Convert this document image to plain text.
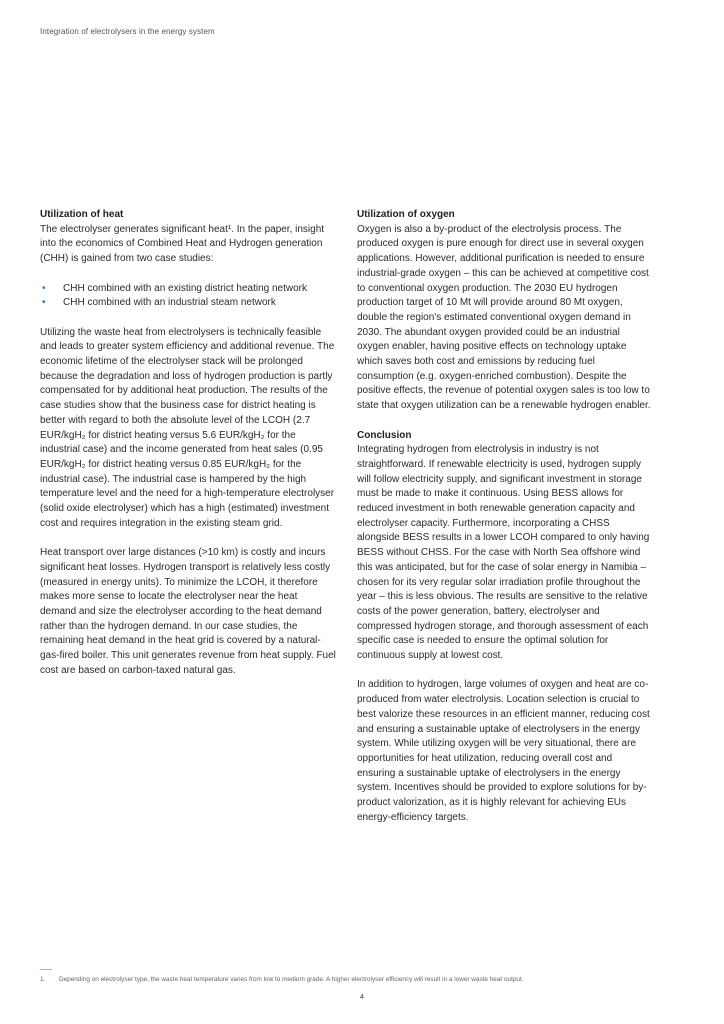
Integration of electrolysers in the energy system

Utilization of heat

The electrolyser generates significant heat¹. In the paper, insight into the economics of Combined Heat and Hydrogen generation (CHH) is gained from two case studies:

• CHH combined with an existing district heating network
• CHH combined with an industrial steam network

Utilizing the waste heat from electrolysers is technically feasible and leads to greater system efficiency and additional revenue. The economic lifetime of the electrolyser stack will be prolonged because the degradation and loss of hydrogen production is partly compensated for by additional heat production. The results of the case studies show that the business case for district heating is better with regard to both the absolute level of the LCOH (2.7 EUR/kgH₂ for district heating versus 5.6 EUR/kgH₂ for the industrial case) and the income generated from heat sales (0.95 EUR/kgH₂ for district heating versus 0.85 EUR/kgH₂ for the industrial case). The industrial case is hampered by the high temperature level and the need for a high-temperature electrolyser (solid oxide electrolyser) which has a high (estimated) investment cost and requires integration in the existing steam grid.

Heat transport over large distances (>10 km) is costly and incurs significant heat losses. Hydrogen transport is relatively less costly (measured in energy units). To minimize the LCOH, it therefore makes more sense to locate the electrolyser near the heat demand and size the electrolyser according to the heat demand rather than the hydrogen demand. In our case studies, the remaining heat demand in the heat grid is covered by a natural-gas-fired boiler. This unit generates revenue from heat supply. Fuel cost are based on carbon-taxed natural gas.

Utilization of oxygen

Oxygen is also a by-product of the electrolysis process. The produced oxygen is pure enough for direct use in several oxygen applications. However, additional purification is needed to ensure industrial-grade oxygen – this can be achieved at competitive cost to conventional oxygen production. The 2030 EU hydrogen production target of 10 Mt will provide around 80 Mt oxygen, double the region's estimated conventional oxygen demand in 2030. The abundant oxygen provided could be an industrial oxygen enabler, having positive effects on technology uptake which saves both cost and emissions by reducing fuel consumption (e.g. oxygen-enriched combustion). Despite the positive effects, the revenue of potential oxygen sales is too low to state that oxygen utilization can be a renewable hydrogen enabler.

Conclusion

Integrating hydrogen from electrolysis in industry is not straightforward. If renewable electricity is used, hydrogen supply will follow electricity supply, and significant investment in storage must be made to make it continuous. Using BESS allows for reduced investment in both renewable generation capacity and electrolyser capacity. Furthermore, incorporating a CHSS alongside BESS results in a lower LCOH compared to only having BESS without CHSS. For the case with North Sea offshore wind this was anticipated, but for the case of solar energy in Namibia – chosen for its very regular solar irradiation profile throughout the year – this is less obvious. The results are sensitive to the relative costs of the power generation, battery, electrolyser and compressed hydrogen storage, and thorough assessment of each specific case is needed to ensure the optimal solution for continuous supply at lowest cost.

In addition to hydrogen, large volumes of oxygen and heat are co-produced from water electrolysis. Location selection is crucial to best valorize these resources in an efficient manner, reducing cost and ensuring a sustainable uptake of electrolysers in the energy system. While utilizing oxygen will be very situational, there are opportunities for heat utilization, reducing overall cost and ensuring a sustainable uptake of electrolysers in the energy system. Incentives should be provided to explore solutions for by-product valorization, as it is highly relevant for achieving EUs energy-efficiency targets.

1. Depending on electrolyser type, the waste heat temperature varies from low to medium grade. A higher electrolyser efficiency will result in a lower waste heat output.
4
